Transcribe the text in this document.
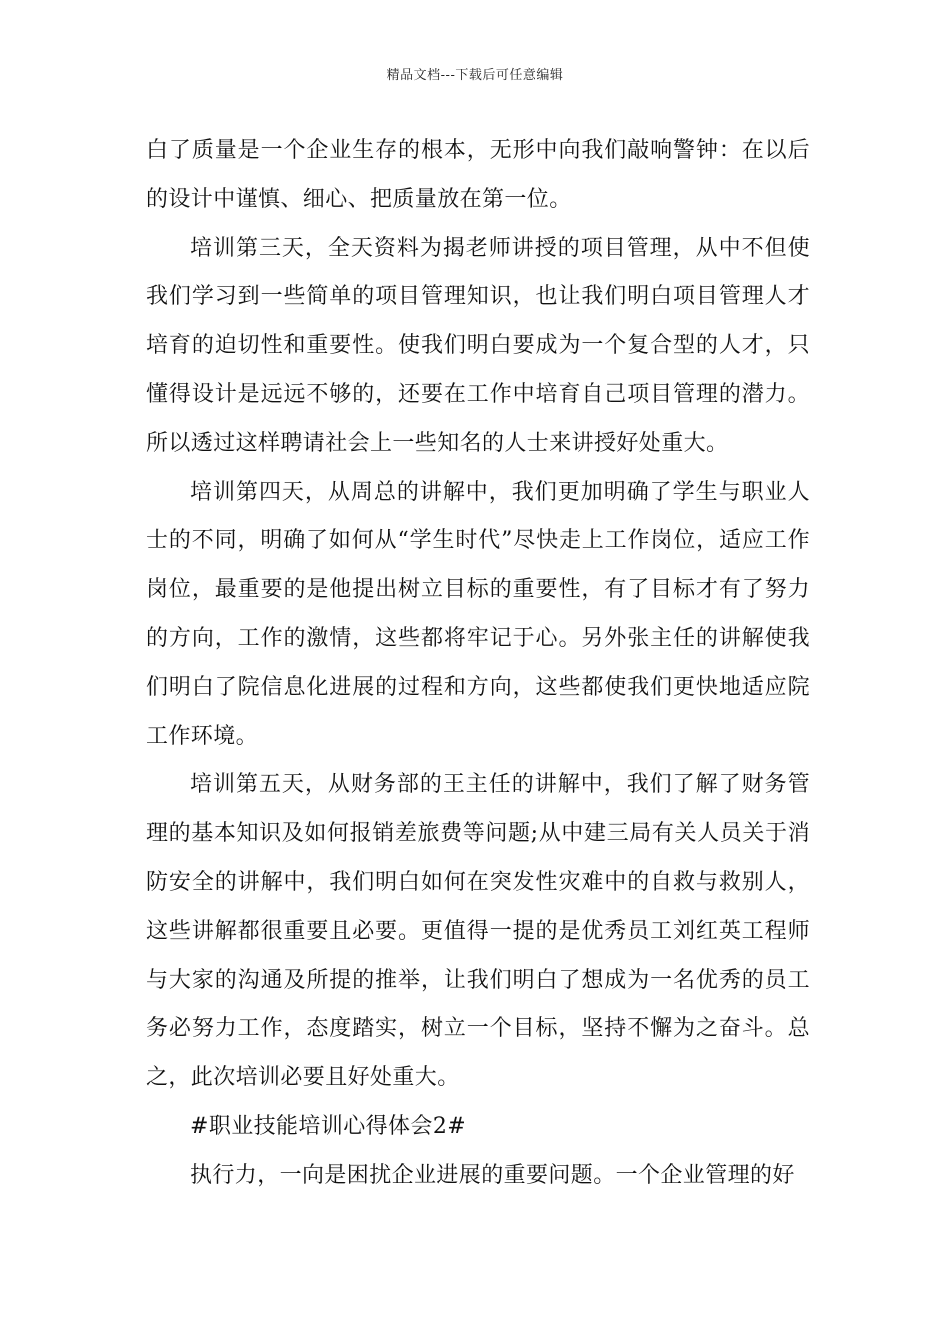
精品文档---下载后可任意编辑

白了质量是一个企业生存的根本，无形中向我们敲响警钟：在以后的设计中谨慎、细心、把质量放在第一位。

培训第三天，全天资料为揭老师讲授的项目管理，从中不但使我们学习到一些简单的项目管理知识，也让我们明白项目管理人才培育的迫切性和重要性。使我们明白要成为一个复合型的人才，只懂得设计是远远不够的，还要在工作中培育自己项目管理的潜力。所以透过这样聘请社会上一些知名的人士来讲授好处重大。

培训第四天，从周总的讲解中，我们更加明确了学生与职业人士的不同，明确了如何从“学生时代”尽快走上工作岗位，适应工作岗位，最重要的是他提出树立目标的重要性，有了目标才有了努力的方向，工作的激情，这些都将牢记于心。另外张主任的讲解使我们明白了院信息化进展的过程和方向，这些都使我们更快地适应院工作环境。

培训第五天，从财务部的王主任的讲解中，我们了解了财务管理的基本知识及如何报销差旅费等问题;从中建三局有关人员关于消防安全的讲解中，我们明白如何在突发性灾难中的自救与救别人，这些讲解都很重要且必要。更值得一提的是优秀员工刘红英工程师与大家的沟通及所提的推举，让我们明白了想成为一名优秀的员工务必努力工作，态度踏实，树立一个目标，坚持不懈为之奋斗。总之，此次培训必要且好处重大。

#职业技能培训心得体会2#

执行力，一向是困扰企业进展的重要问题。一个企业管理的好
